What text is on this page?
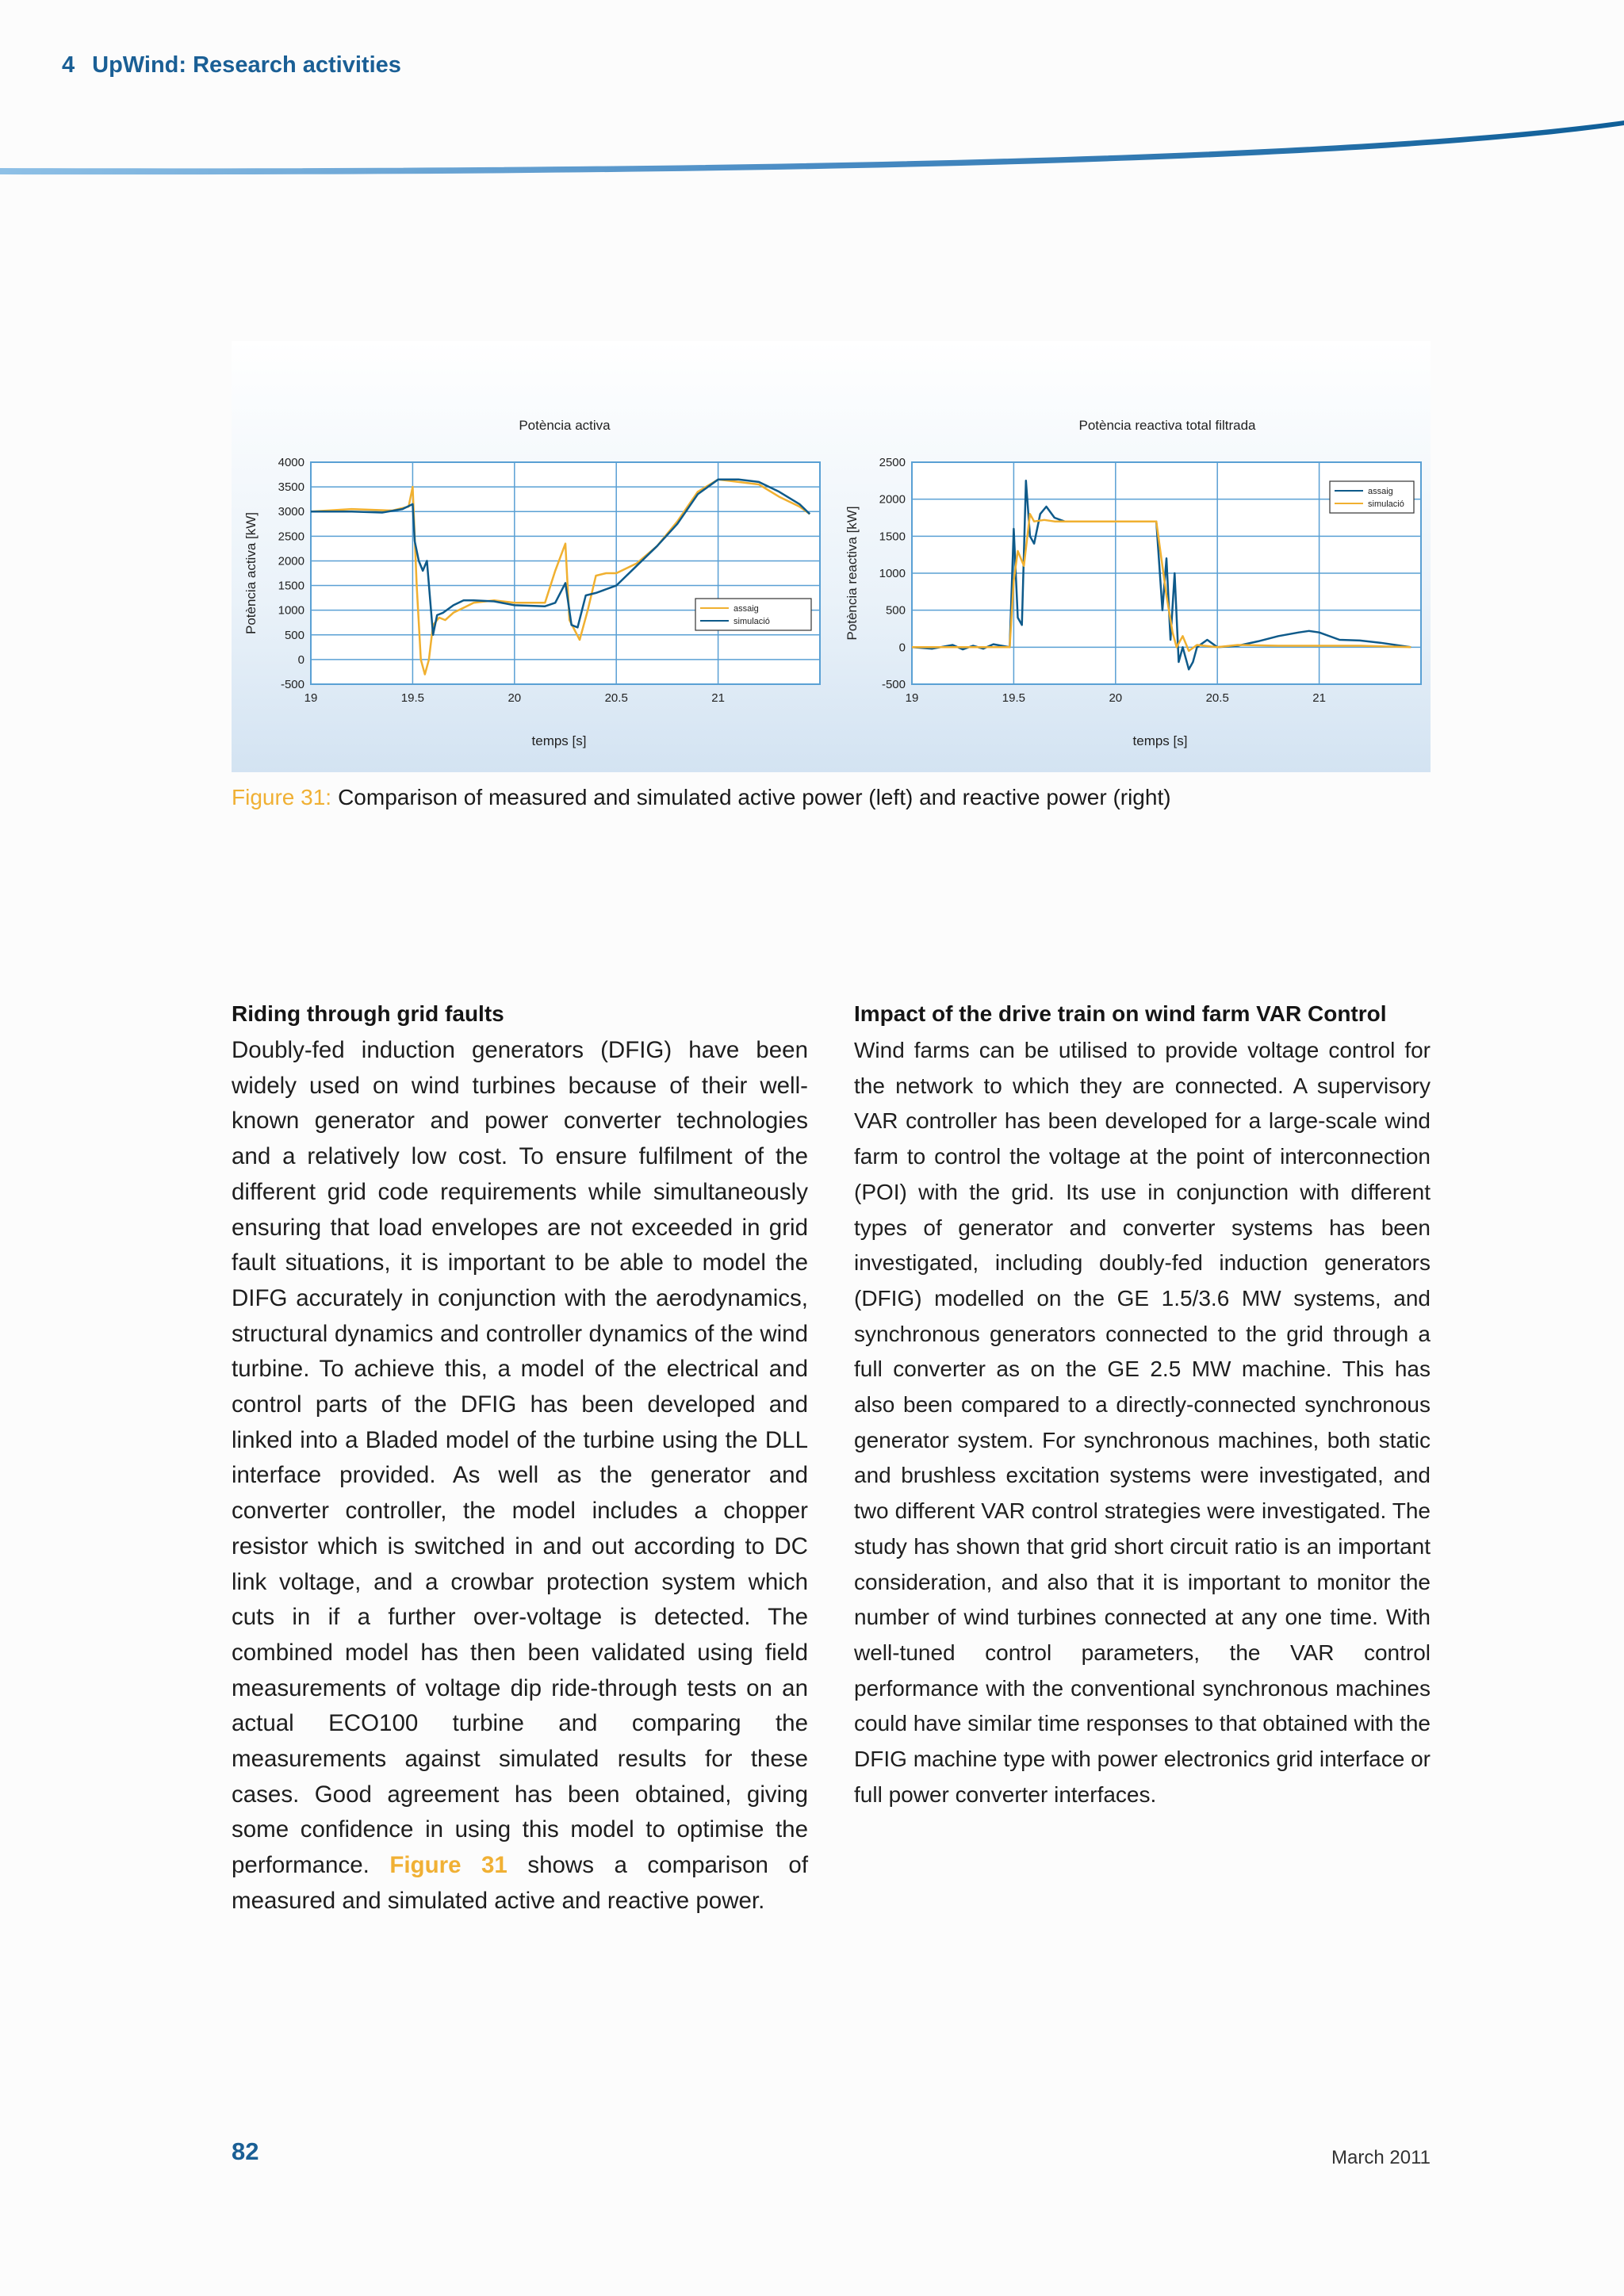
4 UpWind: Research activities
Potència activa
4000
3500
3000
2500
2000
1500
1000
500
0
-500
19	19.5	20	20.5	21
temps [s]
Potència activa [kW]	assaig
simulació
Potència reactiva total filtrada
2500
2000
1500
1000
500
0
-500
19	19.5	20	20.5	21
temps [s]
Potència reactiva [kW]
assaig
simulació
Figure 31: Comparison of measured and simulated active power (left) and reactive power (right)
Riding through grid faults

Doubly-fed induction generators (DFIG) have been widely used on wind turbines because of their well-known generator and power converter technologies and a relatively low cost. To ensure fulfilment of the different grid code requirements while simultaneously ensuring that load envelopes are not exceeded in grid fault situations, it is important to be able to model the DIFG accurately in conjunction with the aerodynamics, structural dynamics and controller dynamics of the wind turbine. To achieve this, a model of the electrical and control parts of the DFIG has been developed and linked into a Bladed model of the turbine using the DLL interface provided. As well as the generator and converter controller, the model includes a chopper resistor which is switched in and out according to DC link voltage, and a crowbar protection system which cuts in if a further over-voltage is detected. The combined model has then been validated using field measurements of voltage dip ride-through tests on an actual ECO100 turbine and comparing the measurements against simulated results for these cases. Good agreement has been obtained, giving some confidence in using this model to optimise the performance. Figure 31 shows a comparison of measured and simulated active and reactive power.

Impact of the drive train on wind farm VAR Control

Wind farms can be utilised to provide voltage control for the network to which they are connected. A supervisory VAR controller has been developed for a large-scale wind farm to control the voltage at the point of interconnection (POI) with the grid. Its use in conjunction with different types of generator and converter systems has been investigated, including doubly-fed induction generators (DFIG) modelled on the GE 1.5/3.6 MW systems, and synchronous generators connected to the grid through a full converter as on the GE 2.5 MW machine. This has also been compared to a directly-connected synchronous generator system. For synchronous machines, both static and brushless excitation systems were investigated, and two different VAR control strategies were investigated. The study has shown that grid short circuit ratio is an important consideration, and also that it is important to monitor the number of wind turbines connected at any one time. With well-tuned control parameters, the VAR control performance with the conventional synchronous machines could have similar time responses to that obtained with the DFIG machine type with power electronics grid interface or full power converter interfaces.

82	March 2011
